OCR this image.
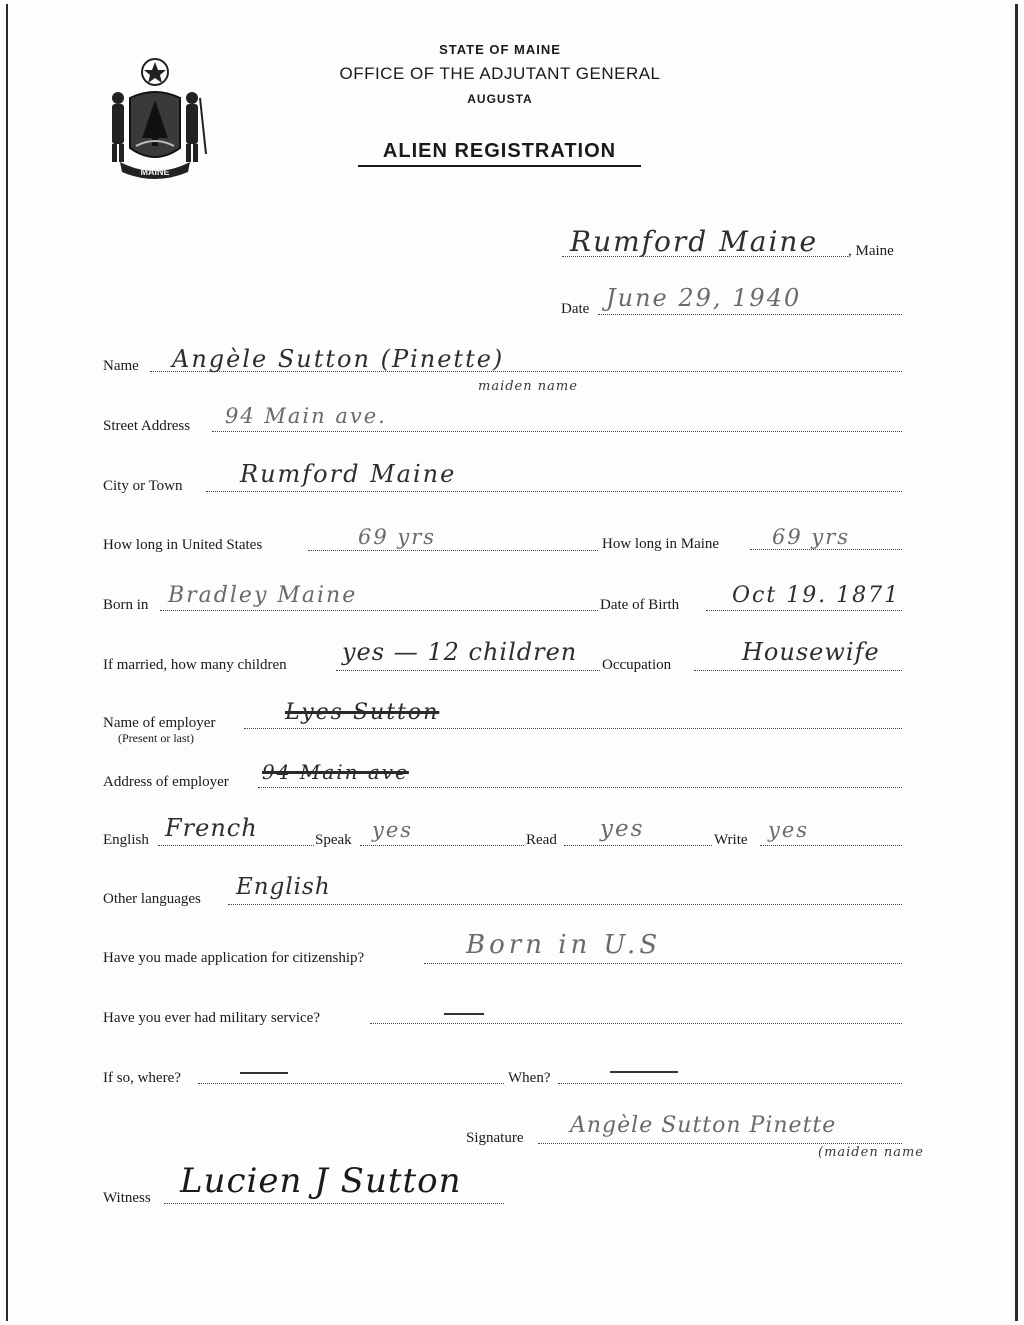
MAINE
STATE OF MAINE
OFFICE OF THE ADJUTANT GENERAL
AUGUSTA
ALIEN REGISTRATION
Rumford Maine , Maine
Date June 29, 1940
Name Angèle Sutton (Pinette)
maiden name
Street Address 94 Main ave.
City or Town Rumford Maine
How long in United States	69 yrs	How long in Maine	69 yrs
Born in Bradley Maine	Date of Birth Oct 19. 1871
If married, how many children yes — 12 children Occupation	Housewife
Name of employer
(Present or last)
Lyes Sutton
Address of employer 94 Main ave
English French	Speak yes	Read yes	Write yes
Other languages English
Have you made application for citizenship?	Born in U.S
Have you ever had military service?
If so, where?	When?
Signature Angèle Sutton Pinette
(maiden name
Witness Lucien J Sutton
